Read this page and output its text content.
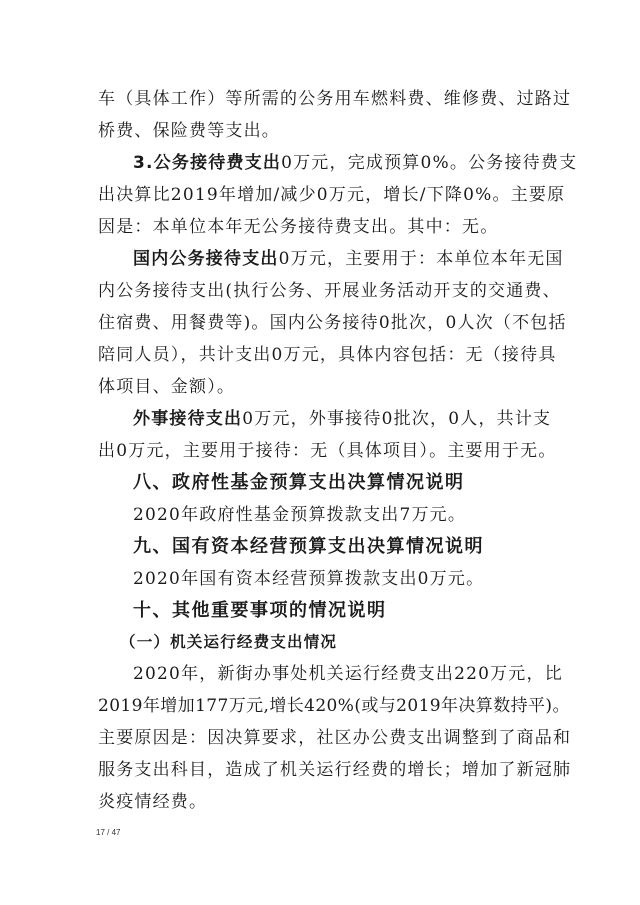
车（具体工作）等所需的公务用车燃料费、维修费、过路过
桥费、保险费等支出。
3.公务接待费支出0万元，完成预算0%。公务接待费支
出决算比2019年增加/减少0万元，增长/下降0%。主要原
因是：本单位本年无公务接待费支出。其中：无。
国内公务接待支出0万元，主要用于：本单位本年无国
内公务接待支出(执行公务、开展业务活动开支的交通费、
住宿费、用餐费等)。国内公务接待0批次，0人次（不包括
陪同人员），共计支出0万元，具体内容包括：无（接待具
体项目、金额）。
外事接待支出0万元，外事接待0批次，0人，共计支
出0万元，主要用于接待：无（具体项目）。主要用于无。
八、政府性基金预算支出决算情况说明
2020年政府性基金预算拨款支出7万元。
九、国有资本经营预算支出决算情况说明
2020年国有资本经营预算拨款支出0万元。
十、其他重要事项的情况说明
（一）机关运行经费支出情况
2020年，新街办事处机关运行经费支出220万元，比
2019年增加177万元,增长420%(或与2019年决算数持平)。
主要原因是：因决算要求，社区办公费支出调整到了商品和
服务支出科目，造成了机关运行经费的增长；增加了新冠肺
炎疫情经费。
17 / 47
